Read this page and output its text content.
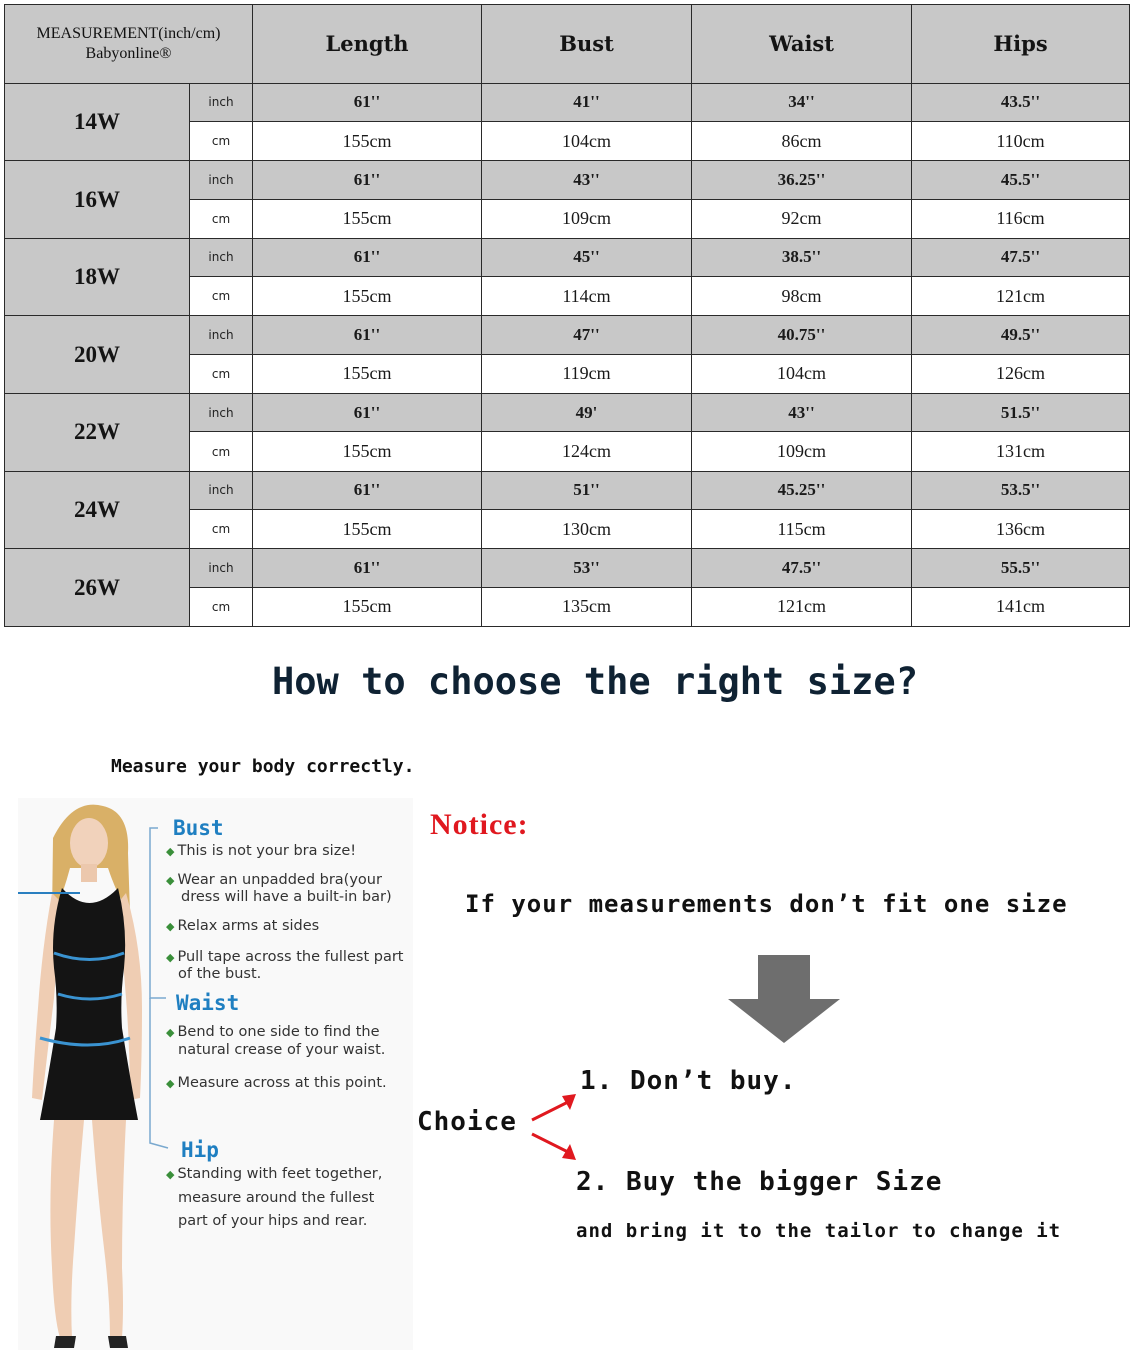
MEASUREMENT(inch/cm)
Babyonline®		Length	Bust	Waist	Hips
14W	inch	61''	41''	34''	43.5''
	cm	155cm	104cm	86cm	110cm
16W	inch	61''	43''	36.25''	45.5''
	cm	155cm	109cm	92cm	116cm
18W	inch	61''	45''	38.5''	47.5''
	cm	155cm	114cm	98cm	121cm
20W	inch	61''	47''	40.75''	49.5''
	cm	155cm	119cm	104cm	126cm
22W	inch	61''	49'	43''	51.5''
	cm	155cm	124cm	109cm	131cm
24W	inch	61''	51''	45.25''	53.5''
	cm	155cm	130cm	115cm	136cm
26W	inch	61''	53''	47.5''	55.5''
	cm	155cm	135cm	121cm	141cm
How to choose the right size?
Measure your body correctly.
Bust
◆ This is not your bra size!
◆ Wear an unpadded bra(your
dress will have a built-in bar)
◆ Relax arms at sides
◆ Pull tape across the fullest part
of the bust.
Waist
◆ Bend to one side to find the
natural crease of your waist.
◆ Measure across at this point.
Hip
◆ Standing with feet together,
measure around the fullest
part of your hips and rear.
Notice:
If your measurements don’t fit one size
Choice
1. Don’t buy.
2. Buy the bigger Size
and bring it to the tailor to change it
